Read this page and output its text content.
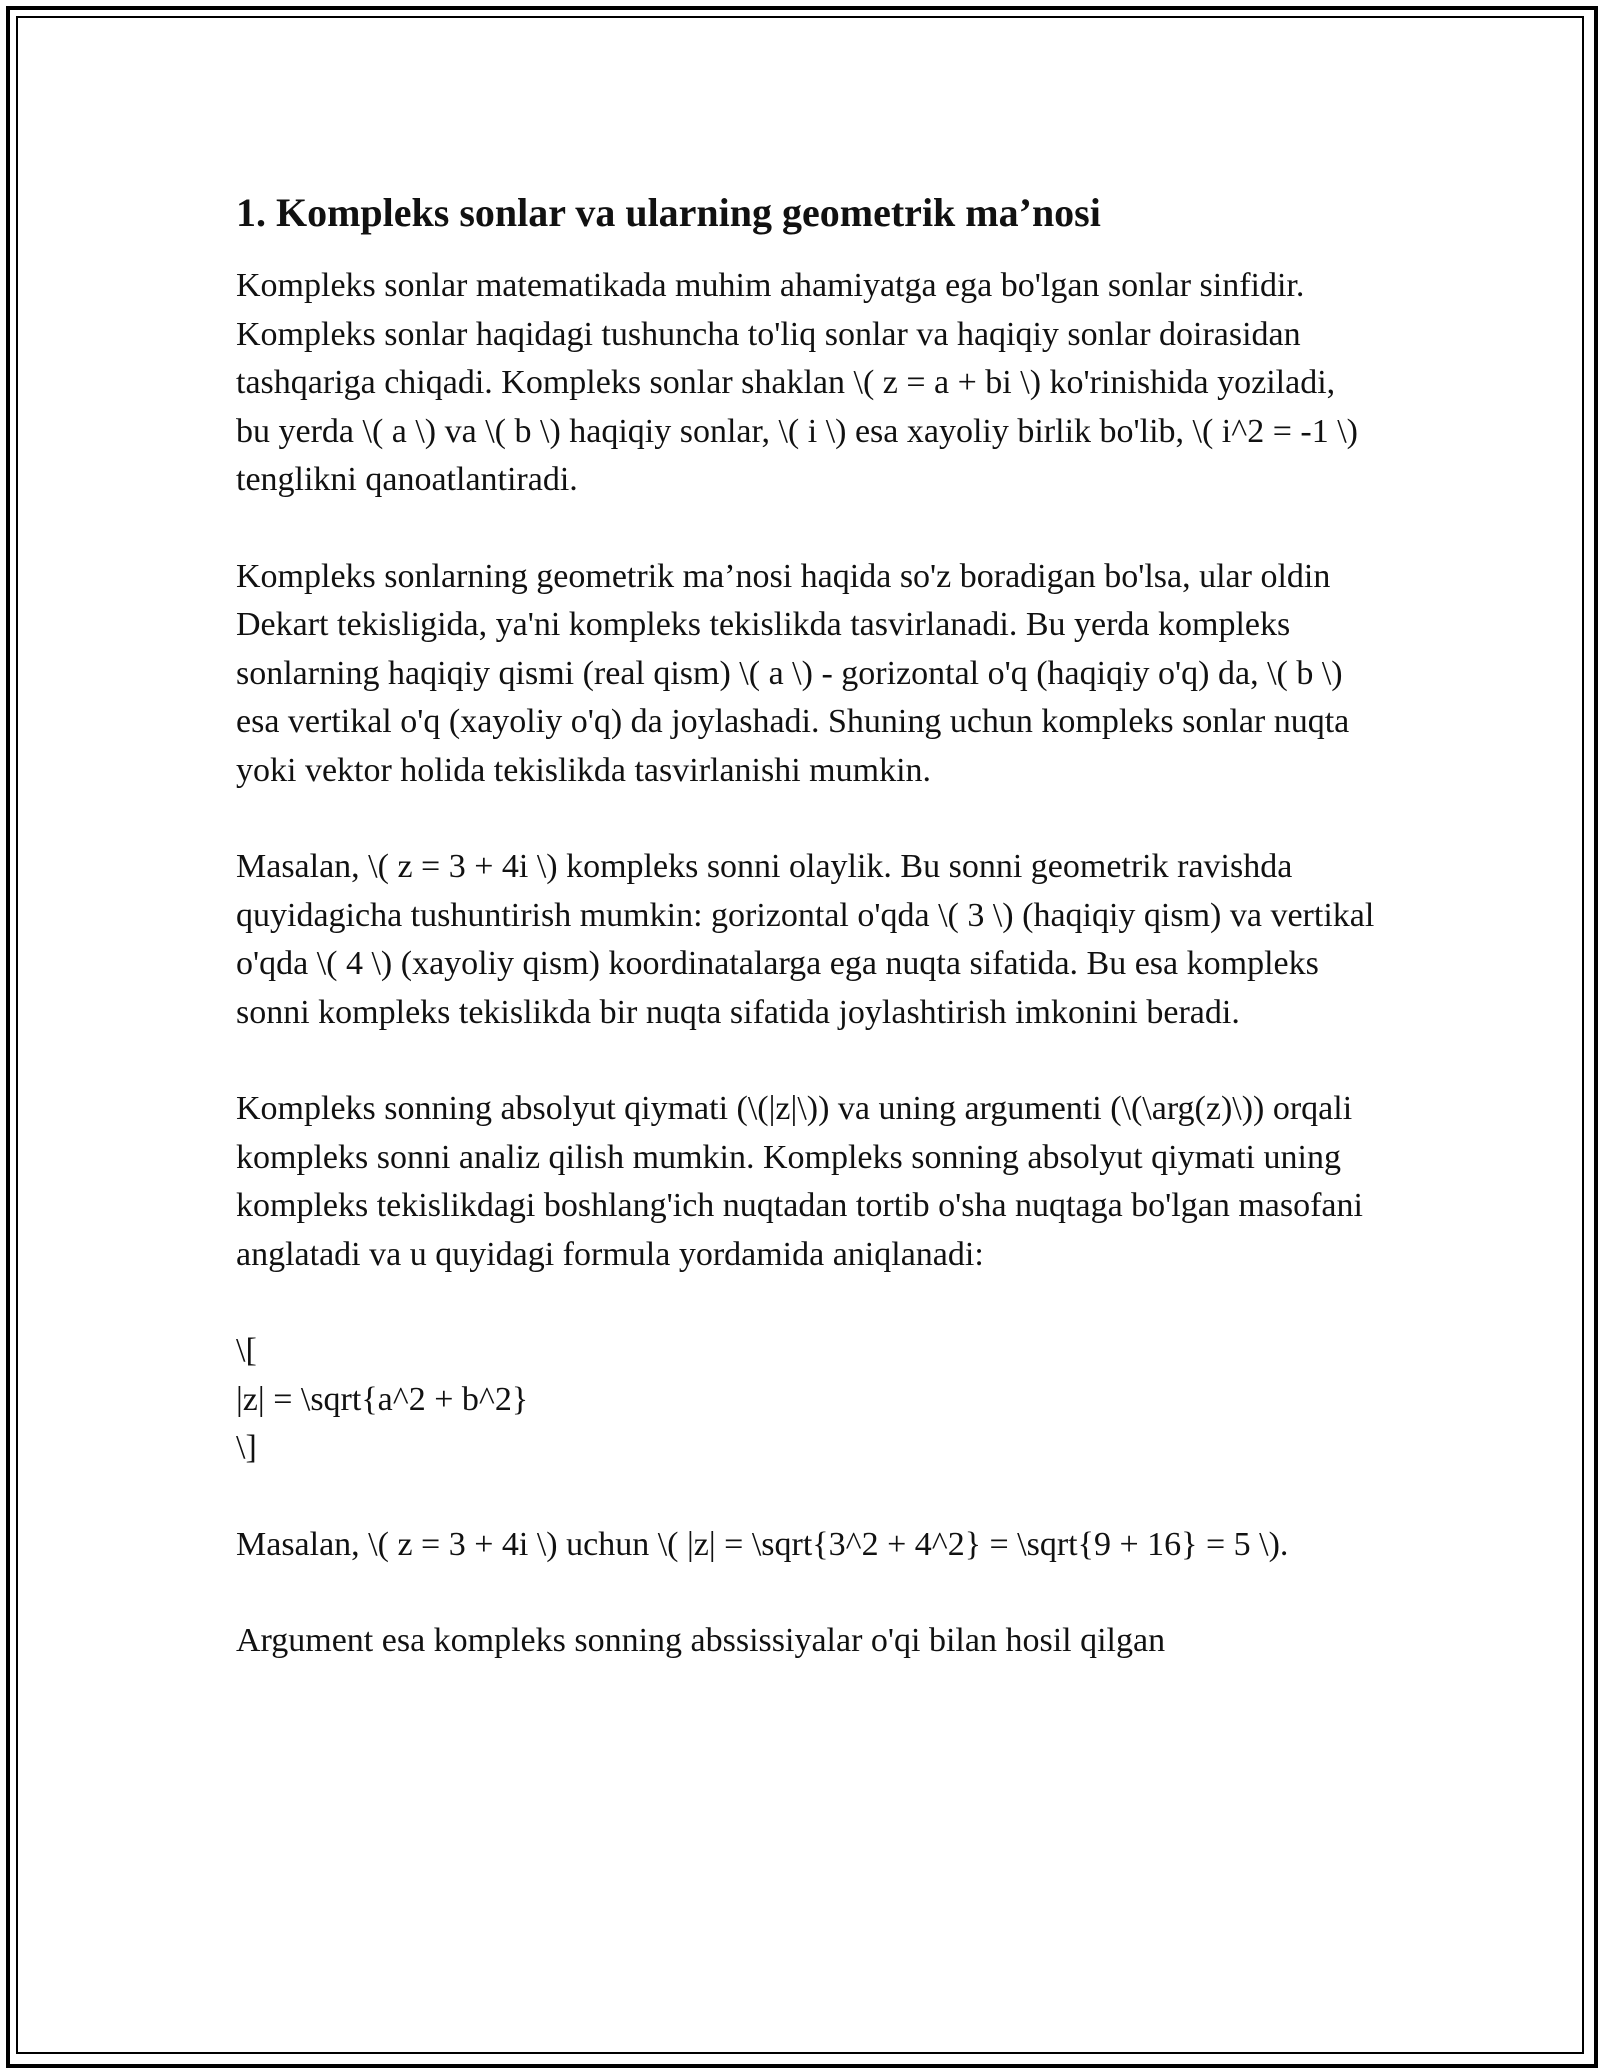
1. Kompleks sonlar va ularning geometrik ma’nosi

Kompleks sonlar matematikada muhim ahamiyatga ega bo'lgan sonlar sinfidir. Kompleks sonlar haqidagi tushuncha to'liq sonlar va haqiqiy sonlar doirasidan tashqariga chiqadi. Kompleks sonlar shaklan \( z = a + bi \) ko'rinishida yoziladi, bu yerda \( a \) va \( b \) haqiqiy sonlar, \( i \) esa xayoliy birlik bo'lib, \( i^2 = -1 \) tenglikni qanoatlantiradi.

Kompleks sonlarning geometrik ma’nosi haqida so'z boradigan bo'lsa, ular oldin Dekart tekisligida, ya'ni kompleks tekislikda tasvirlanadi. Bu yerda kompleks sonlarning haqiqiy qismi (real qism) \( a \) - gorizontal o'q (haqiqiy o'q) da, \( b \) esa vertikal o'q (xayoliy o'q) da joylashadi. Shuning uchun kompleks sonlar nuqta yoki vektor holida tekislikda tasvirlanishi mumkin.

Masalan, \( z = 3 + 4i \) kompleks sonni olaylik. Bu sonni geometrik ravishda quyidagicha tushuntirish mumkin: gorizontal o'qda \( 3 \) (haqiqiy qism) va vertikal o'qda \( 4 \) (xayoliy qism) koordinatalarga ega nuqta sifatida. Bu esa kompleks sonni kompleks tekislikda bir nuqta sifatida joylashtirish imkonini beradi.

Kompleks sonning absolyut qiymati (\(|z|\)) va uning argumenti (\(\arg(z)\)) orqali kompleks sonni analiz qilish mumkin. Kompleks sonning absolyut qiymati uning kompleks tekislikdagi boshlang'ich nuqtadan tortib o'sha nuqtaga bo'lgan masofani anglatadi va u quyidagi formula yordamida aniqlanadi:

\[
|z| = \sqrt{a^2 + b^2}
\]

Masalan, \( z = 3 + 4i \) uchun \( |z| = \sqrt{3^2 + 4^2} = \sqrt{9 + 16} = 5 \).

Argument esa kompleks sonning abssissiyalar o'qi bilan hosil qilgan
